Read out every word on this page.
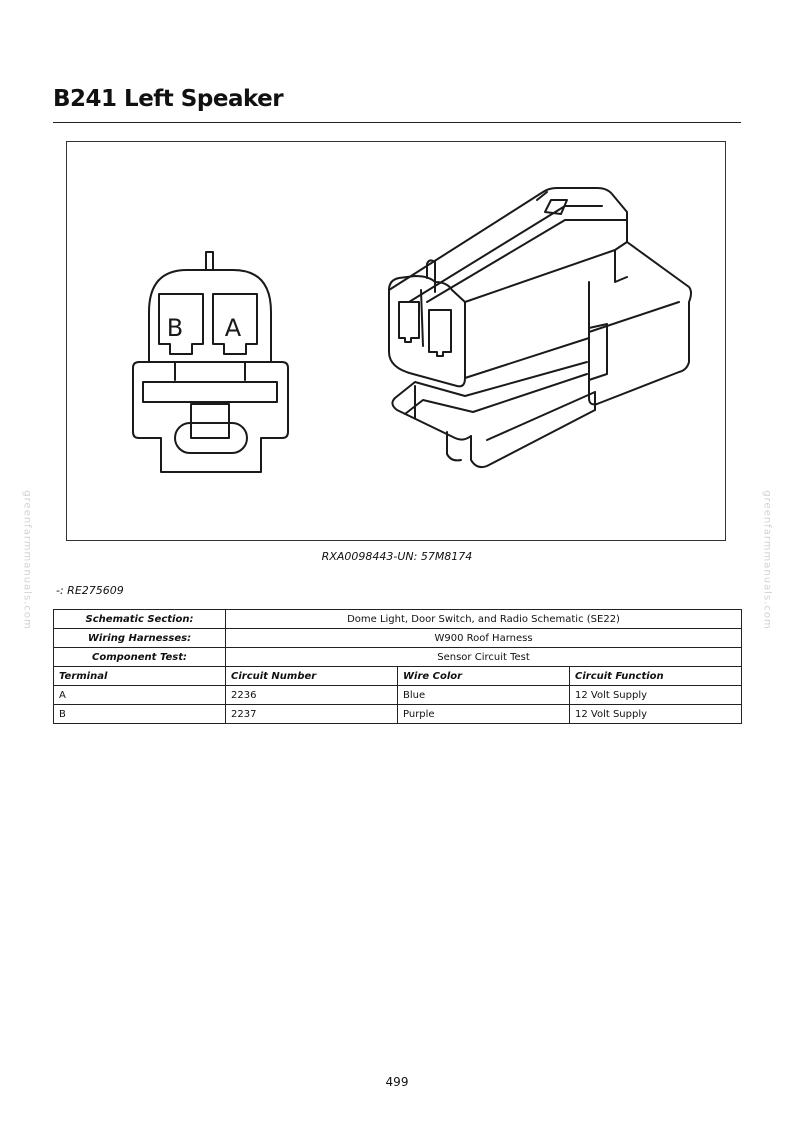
B241 Left Speaker
B A
RXA0098443-UN: 57M8174
-: RE275609
Schematic Section:	Dome Light, Door Switch, and Radio Schematic (SE22)		
Wiring Harnesses:	W900 Roof Harness		
Component Test:	Sensor Circuit Test		
Terminal	Circuit Number	Wire Color	Circuit Function
A	2236	Blue	12 Volt Supply
B	2237	Purple	12 Volt Supply
greenfarmmanuals.com	greenfarmmanuals.com
499
